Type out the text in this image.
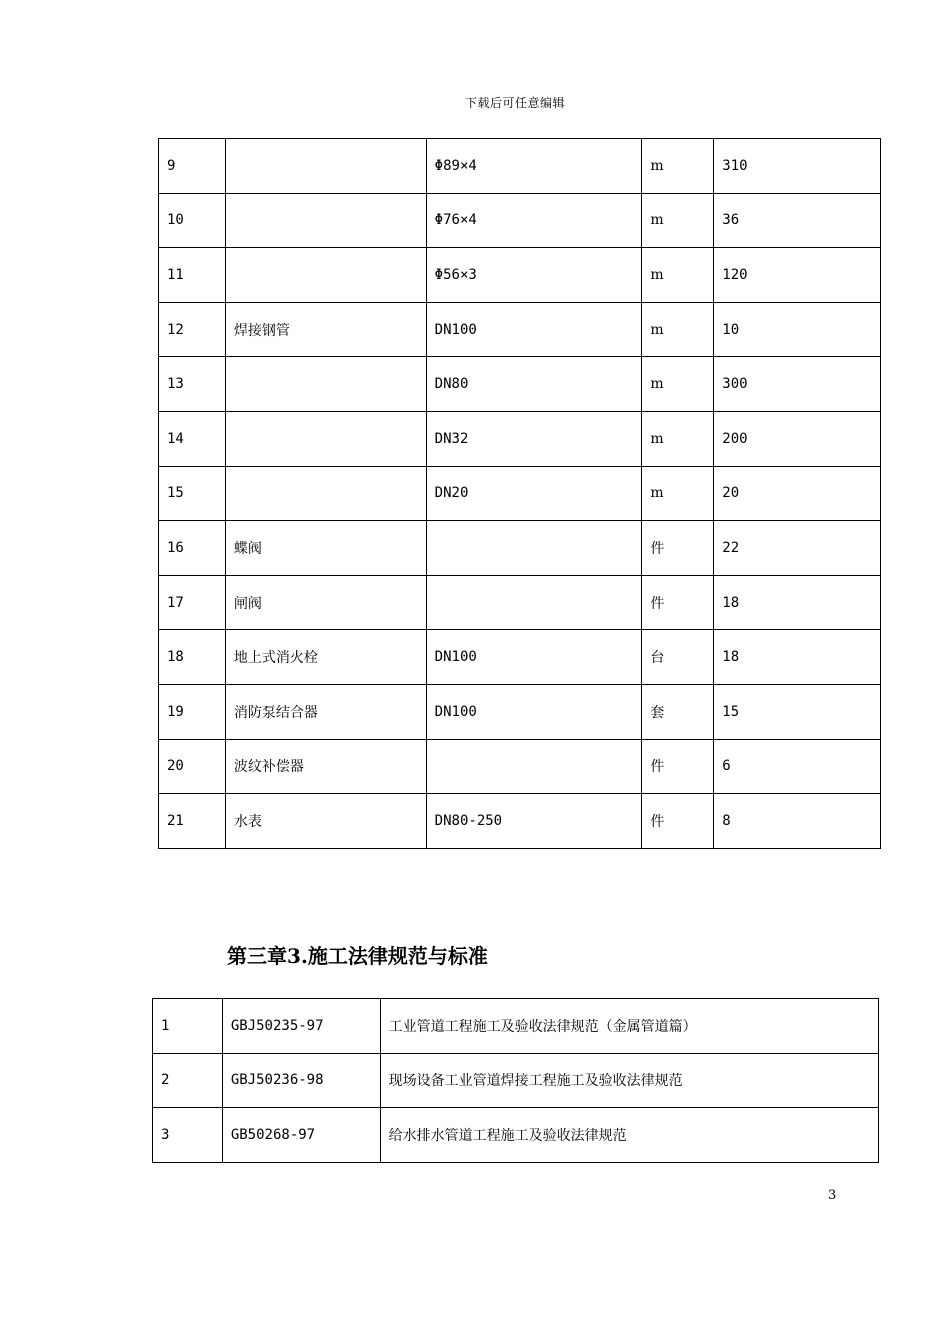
下载后可任意编辑
9		Φ89×4	m	310
10		Φ76×4	m	36
11		Φ56×3	m	120
12	焊接钢管	DN100	m	10
13		DN80	m	300
14		DN32	m	200
15		DN20	m	20
16	蝶阀		件	22
17	闸阀		件	18
18	地上式消火栓	DN100	台	18
19	消防泵结合器	DN100	套	15
20	波纹补偿器		件	6
21	水表	DN80-250	件	8
第三章3.施工法律规范与标准
1	GBJ50235-97	工业管道工程施工及验收法律规范（金属管道篇）
2	GBJ50236-98	现场设备工业管道焊接工程施工及验收法律规范
3	GB50268-97	给水排水管道工程施工及验收法律规范
3
